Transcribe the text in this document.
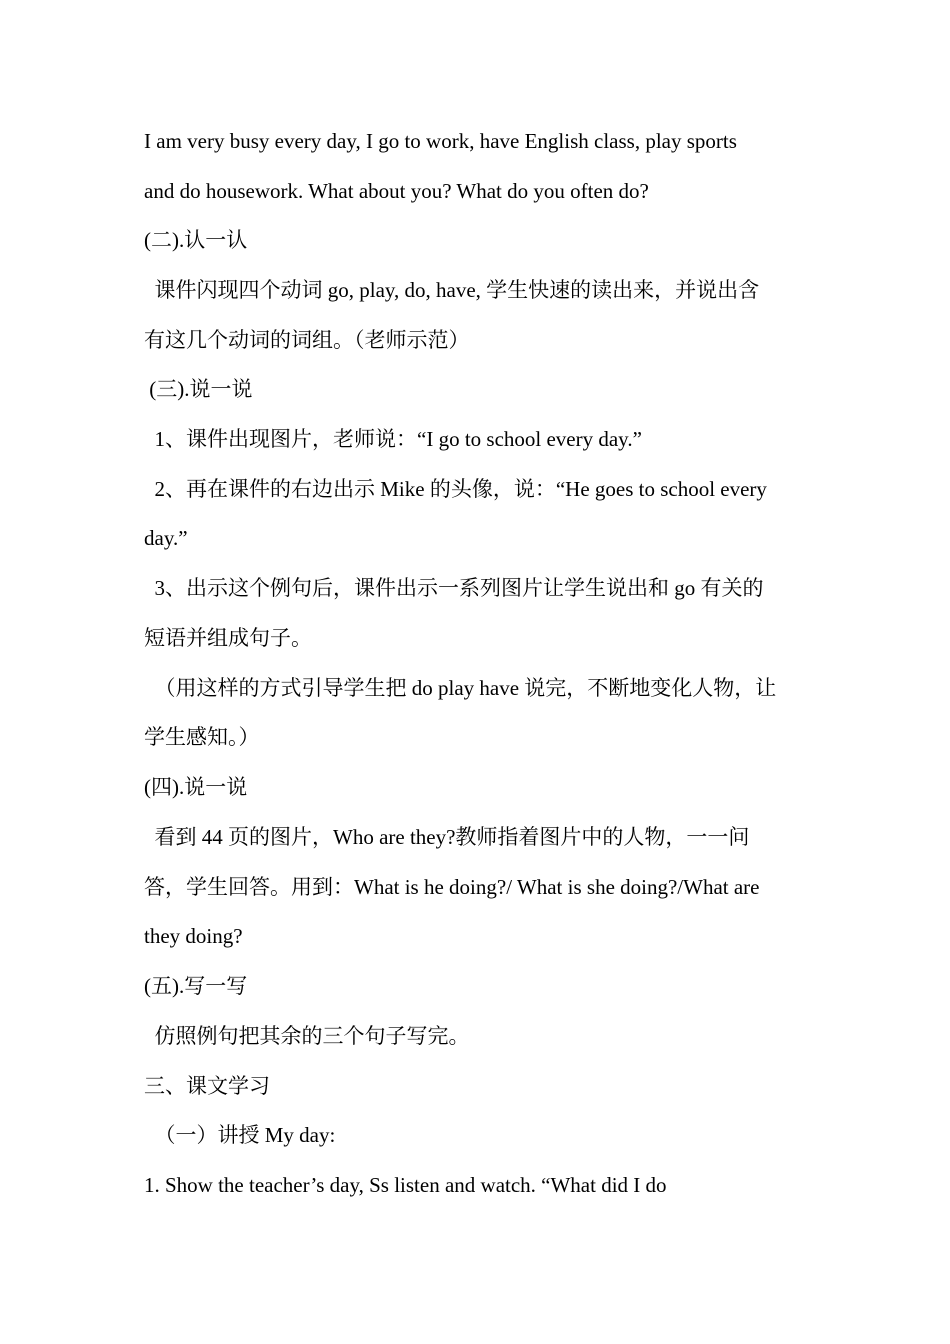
I am very busy every day, I go to work, have English class, play sports
and do housework. What about you? What do you often do?
(二).认一认
课件闪现四个动词 go, play, do, have, 学生快速的读出来，并说出含
有这几个动词的词组。（老师示范）
(三).说一说
1、课件出现图片，老师说：“I go to school every day.”
2、再在课件的右边出示 Mike 的头像，说：“He goes to school every
day.”
3、出示这个例句后，课件出示一系列图片让学生说出和 go 有关的
短语并组成句子。
（用这样的方式引导学生把 do play have 说完，不断地变化人物，让
学生感知。）
(四).说一说
看到 44 页的图片，Who are they?教师指着图片中的人物，一一问
答，学生回答。用到：What is he doing?/ What is she doing?/What are
they doing?
(五).写一写
仿照例句把其余的三个句子写完。
三、课文学习
（一）讲授 My day:
1. Show the teacher’s day, Ss listen and watch. “What did I do
